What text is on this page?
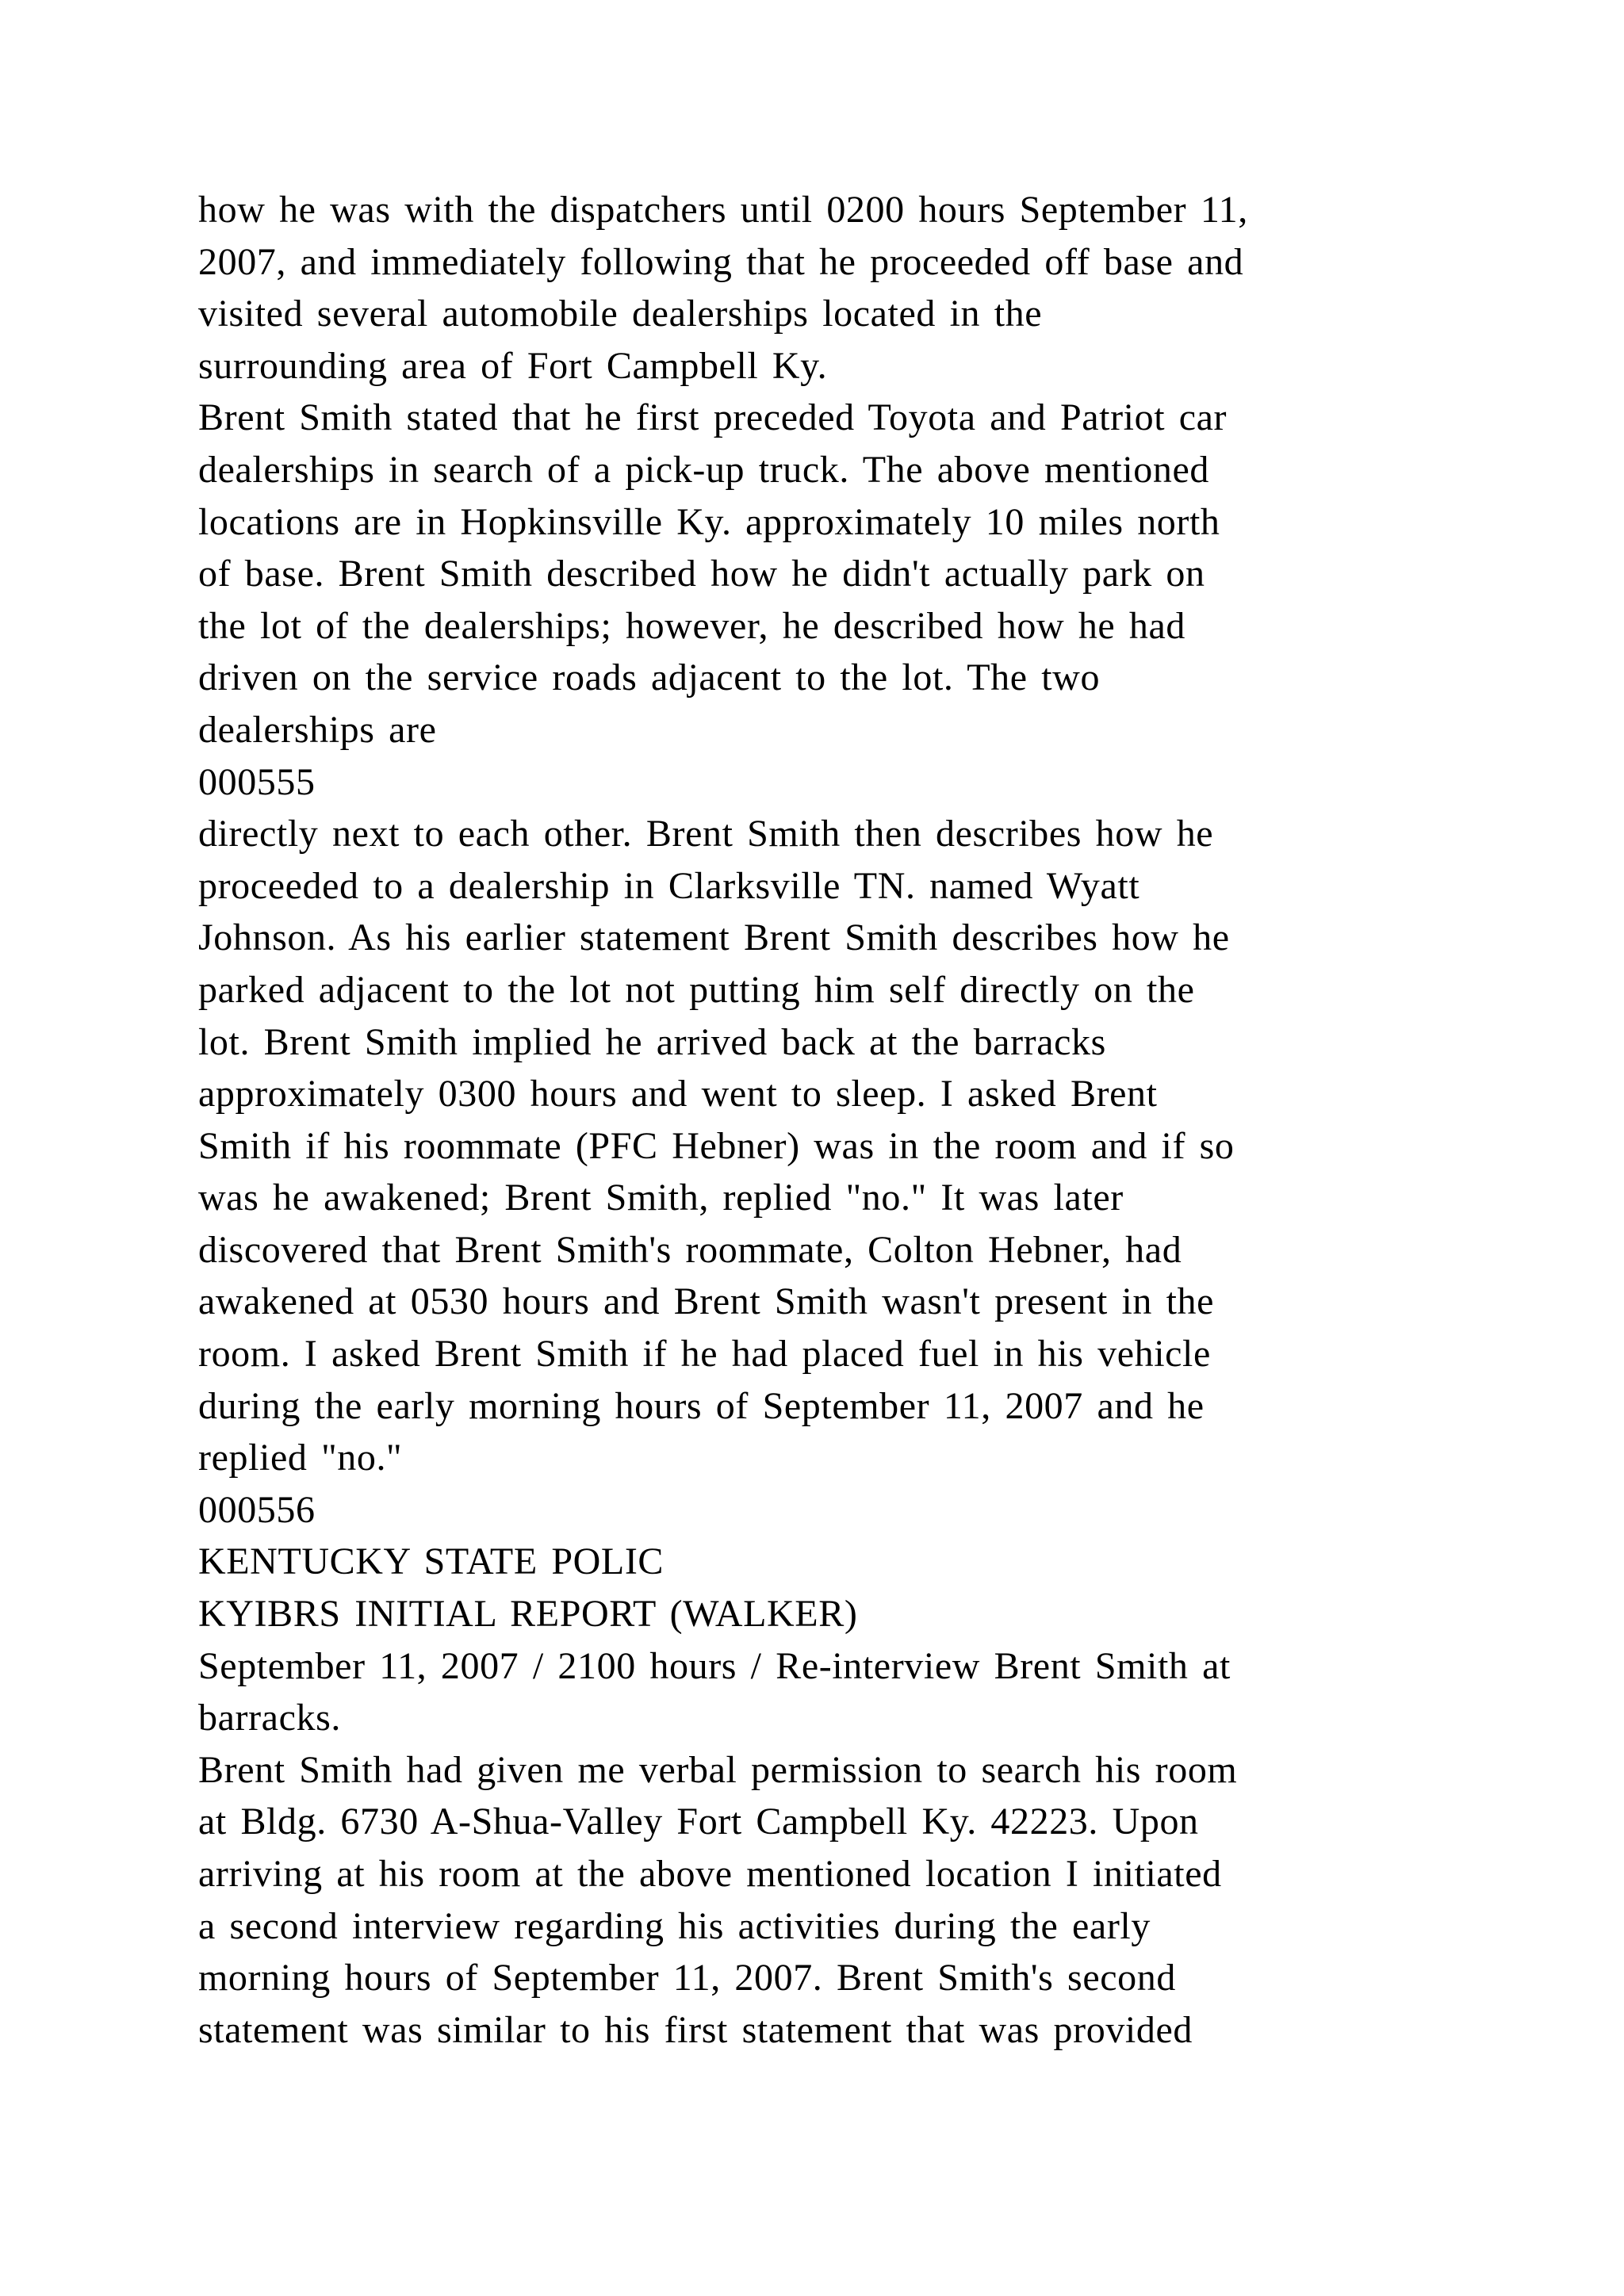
how he was with the dispatchers until 0200 hours September 11,
2007, and immediately following that he proceeded off base and
visited several automobile dealerships located in the
surrounding area of Fort Campbell Ky.
Brent Smith stated that he first preceded Toyota and Patriot car
dealerships in search of a pick-up truck. The above mentioned
locations are in Hopkinsville Ky. approximately 10 miles north
of base. Brent Smith described how he didn't actually park on
the lot of the dealerships; however, he described how he had
driven on the service roads adjacent to the lot. The two
dealerships are
000555
directly next to each other. Brent Smith then describes how he
proceeded to a dealership in Clarksville TN. named Wyatt
Johnson. As his earlier statement Brent Smith describes how he
parked adjacent to the lot not putting him self directly on the
lot. Brent Smith implied he arrived back at the barracks
approximately 0300 hours and went to sleep. I asked Brent
Smith if his roommate (PFC Hebner) was in the room and if so
was he awakened; Brent Smith, replied "no." It was later
discovered that Brent Smith's roommate, Colton Hebner, had
awakened at 0530 hours and Brent Smith wasn't present in the
room. I asked Brent Smith if he had placed fuel in his vehicle
during the early morning hours of September 11, 2007 and he
replied "no."
000556
KENTUCKY STATE POLIC
KYIBRS INITIAL REPORT (WALKER)
September 11, 2007 / 2100 hours / Re-interview Brent Smith at
barracks.
Brent Smith had given me verbal permission to search his room
at Bldg. 6730 A-Shua-Valley Fort Campbell Ky. 42223. Upon
arriving at his room at the above mentioned location I initiated
a second interview regarding his activities during the early
morning hours of September 11, 2007. Brent Smith's second
statement was similar to his first statement that was provided
